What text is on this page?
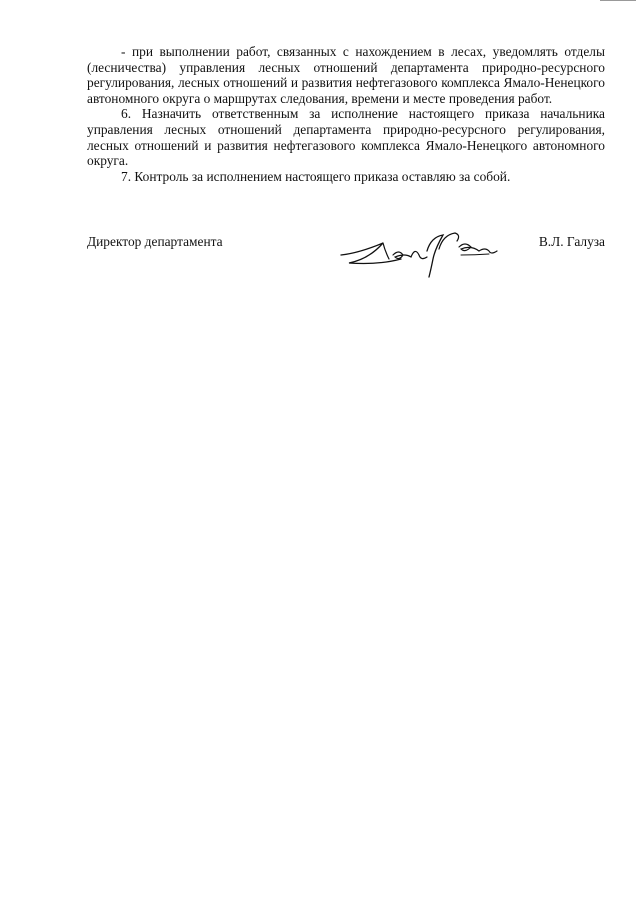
- при выполнении работ, связанных с нахождением в лесах, уведомлять отделы (лесничества) управления лесных отношений департамента природно-ресурсного регулирования, лесных отношений и развития нефтегазового комплекса Ямало-Ненецкого автономного округа о маршрутах следования, времени и месте проведения работ.

6. Назначить ответственным за исполнение настоящего приказа начальника управления лесных отношений департамента природно-ресурсного регулирования, лесных отношений и развития нефтегазового комплекса Ямало-Ненецкого автономного округа.

7. Контроль за исполнением настоящего приказа оставляю за собой.

Директор департамента	В.Л. Галуза
